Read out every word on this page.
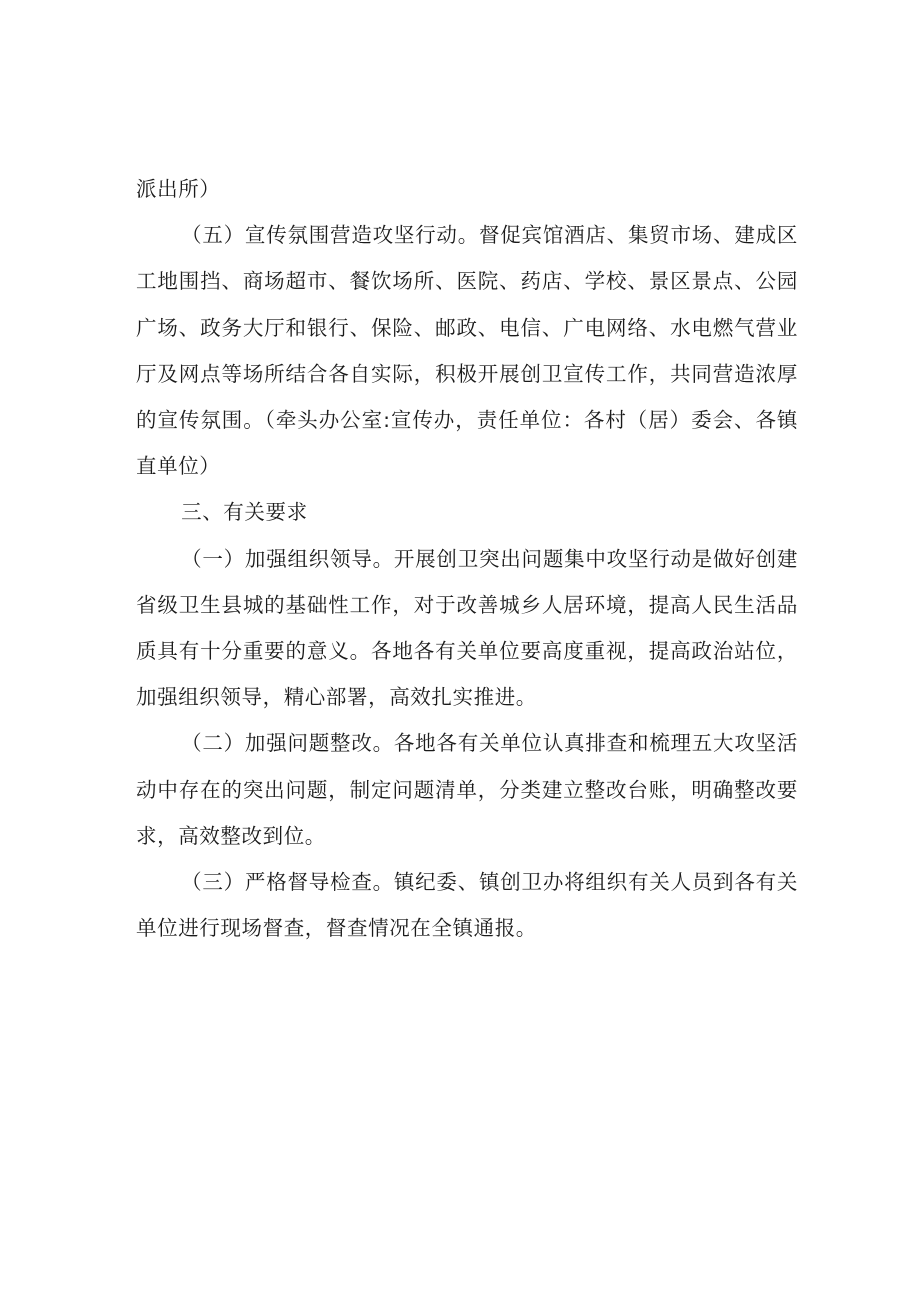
派出所）

（五）宣传氛围营造攻坚行动。督促宾馆酒店、集贸市场、建成区工地围挡、商场超市、餐饮场所、医院、药店、学校、景区景点、公园广场、政务大厅和银行、保险、邮政、电信、广电网络、水电燃气营业厅及网点等场所结合各自实际，积极开展创卫宣传工作，共同营造浓厚的宣传氛围。（牵头办公室:宣传办，责任单位：各村（居）委会、各镇直单位）

三、有关要求

（一）加强组织领导。开展创卫突出问题集中攻坚行动是做好创建省级卫生县城的基础性工作，对于改善城乡人居环境，提高人民生活品质具有十分重要的意义。各地各有关单位要高度重视，提高政治站位，加强组织领导，精心部署，高效扎实推进。

（二）加强问题整改。各地各有关单位认真排查和梳理五大攻坚活动中存在的突出问题，制定问题清单，分类建立整改台账，明确整改要求，高效整改到位。

（三）严格督导检查。镇纪委、镇创卫办将组织有关人员到各有关单位进行现场督查，督查情况在全镇通报。
